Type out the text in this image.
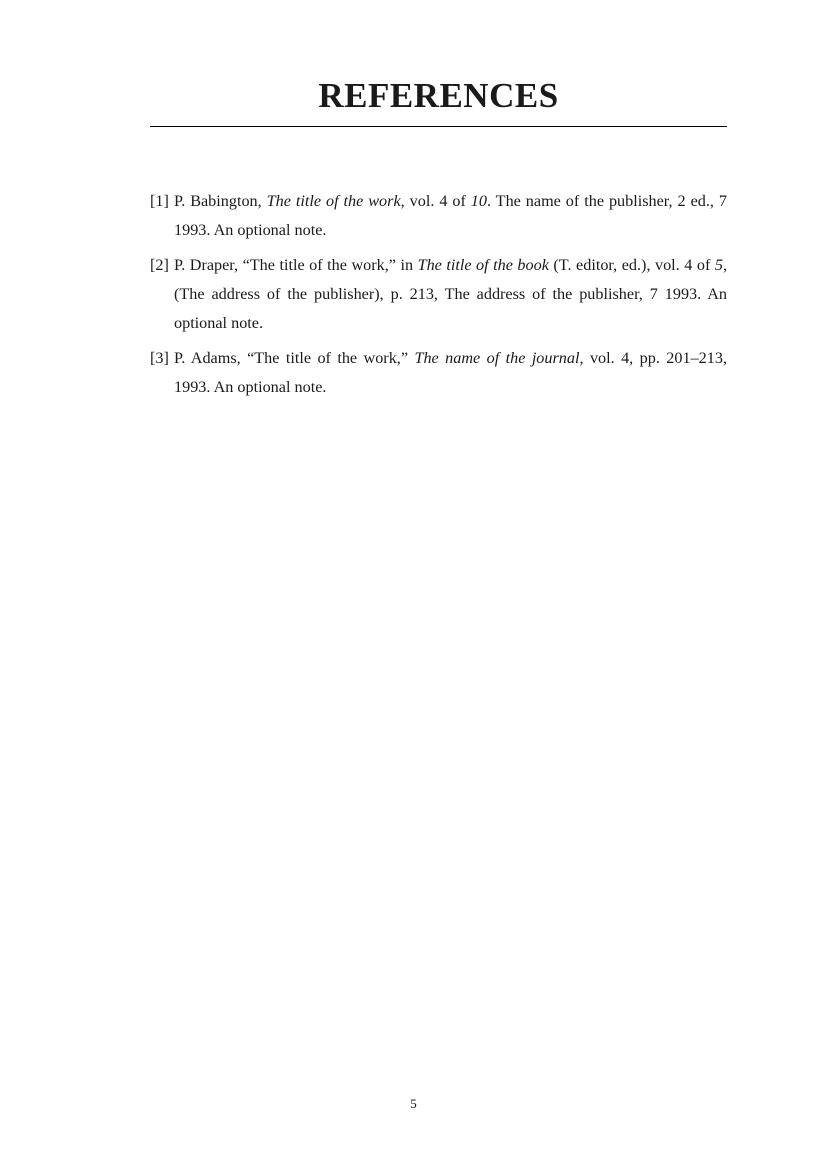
REFERENCES
[1] P. Babington, The title of the work, vol. 4 of 10. The name of the publisher, 2 ed., 7 1993. An optional note.
[2] P. Draper, “The title of the work,” in The title of the book (T. editor, ed.), vol. 4 of 5, (The address of the publisher), p. 213, The address of the publisher, 7 1993. An optional note.
[3] P. Adams, “The title of the work,” The name of the journal, vol. 4, pp. 201–213, 1993. An optional note.
5
